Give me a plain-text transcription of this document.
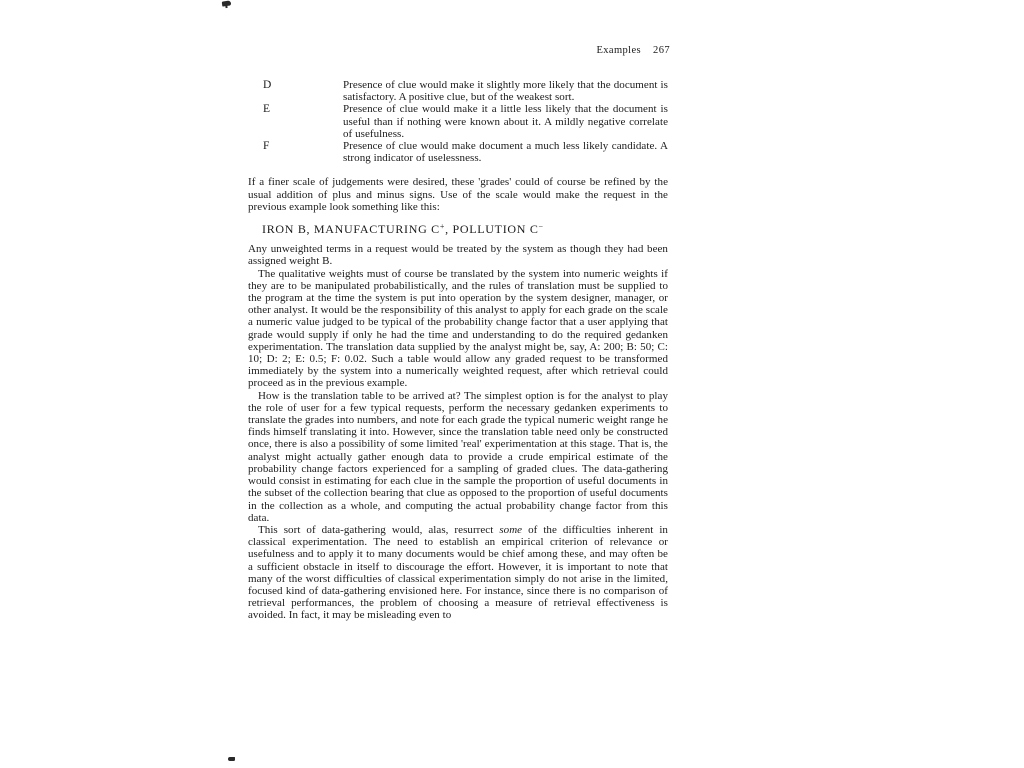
Examples 267
D	Presence of clue would make it slightly more likely that the document is satisfactory. A positive clue, but of the weakest sort.
E	Presence of clue would make it a little less likely that the document is useful than if nothing were known about it. A mildly negative correlate of usefulness.
F	Presence of clue would make document a much less likely candidate. A strong indicator of uselessness.

If a finer scale of judgements were desired, these 'grades' could of course be refined by the usual addition of plus and minus signs. Use of the scale would make the request in the previous example look something like this:

IRON B, MANUFACTURING C+, POLLUTION C−

Any unweighted terms in a request would be treated by the system as though they had been assigned weight B.

The qualitative weights must of course be translated by the system into numeric weights if they are to be manipulated probabilistically, and the rules of translation must be supplied to the program at the time the system is put into operation by the system designer, manager, or other analyst. It would be the responsibility of this analyst to apply for each grade on the scale a numeric value judged to be typical of the probability change factor that a user applying that grade would supply if only he had the time and understanding to do the required gedanken experimentation. The translation data supplied by the analyst might be, say, A: 200; B: 50; C: 10; D: 2; E: 0.5; F: 0.02. Such a table would allow any graded request to be transformed immediately by the system into a numerically weighted request, after which retrieval could proceed as in the previous example.

How is the translation table to be arrived at? The simplest option is for the analyst to play the role of user for a few typical requests, perform the necessary gedanken experiments to translate the grades into numbers, and note for each grade the typical numeric weight range he finds himself translating it into. However, since the translation table need only be constructed once, there is also a possibility of some limited 'real' experimentation at this stage. That is, the analyst might actually gather enough data to provide a crude empirical estimate of the probability change factors experienced for a sampling of graded clues. The data-gathering would consist in estimating for each clue in the sample the proportion of useful documents in the subset of the collection bearing that clue as opposed to the proportion of useful documents in the collection as a whole, and computing the actual probability change factor from this data.

This sort of data-gathering would, alas, resurrect some of the difficulties inherent in classical experimentation. The need to establish an empirical criterion of relevance or usefulness and to apply it to many documents would be chief among these, and may often be a sufficient obstacle in itself to discourage the effort. However, it is important to note that many of the worst difficulties of classical experimentation simply do not arise in the limited, focused kind of data-gathering envisioned here. For instance, since there is no comparison of retrieval performances, the problem of choosing a measure of retrieval effectiveness is avoided. In fact, it may be misleading even to
